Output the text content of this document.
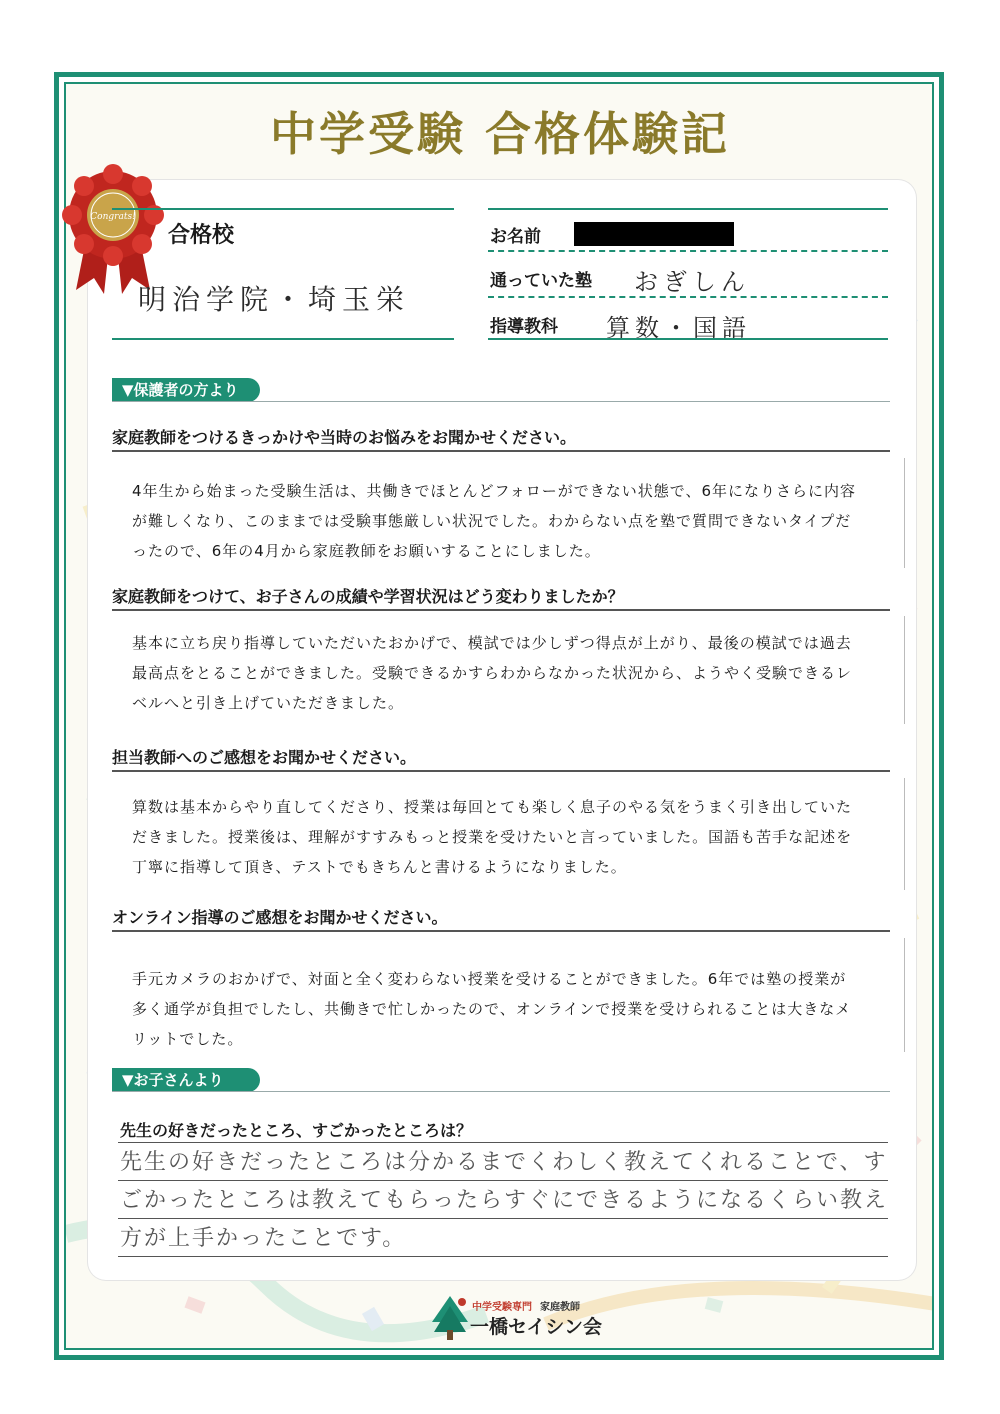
中学受験 合格体験記
Congrats!
合格校
明治学院・埼玉栄
お名前
通っていた塾 おぎしん
指導教科 算数・国語
▼保護者の方より
家庭教師をつけるきっかけや当時のお悩みをお聞かせください。
4年生から始まった受験生活は、共働きでほとんどフォローができない状態で、6年になりさらに内容が難しくなり、このままでは受験事態厳しい状況でした。わからない点を塾で質問できないタイプだったので、6年の4月から家庭教師をお願いすることにしました。
家庭教師をつけて、お子さんの成績や学習状況はどう変わりましたか？
基本に立ち戻り指導していただいたおかげで、模試では少しずつ得点が上がり、最後の模試では過去最高点をとることができました。受験できるかすらわからなかった状況から、ようやく受験できるレベルへと引き上げていただきました。
担当教師へのご感想をお聞かせください。
算数は基本からやり直してくださり、授業は毎回とても楽しく息子のやる気をうまく引き出していただきました。授業後は、理解がすすみもっと授業を受けたいと言っていました。国語も苦手な記述を丁寧に指導して頂き、テストでもきちんと書けるようになりました。
オンライン指導のご感想をお聞かせください。
手元カメラのおかげで、対面と全く変わらない授業を受けることができました。6年では塾の授業が多く通学が負担でしたし、共働きで忙しかったので、オンラインで授業を受けられることは大きなメリットでした。
▼お子さんより
先生の好きだったところ、すごかったところは？
先生の好きだったところは分かるまでくわしく教えてくれることで、すごかったところは教えてもらったらすぐにできるようになるくらい教え方が上手かったことです。
中学受験専門 家庭教師
一橋セイシン会
